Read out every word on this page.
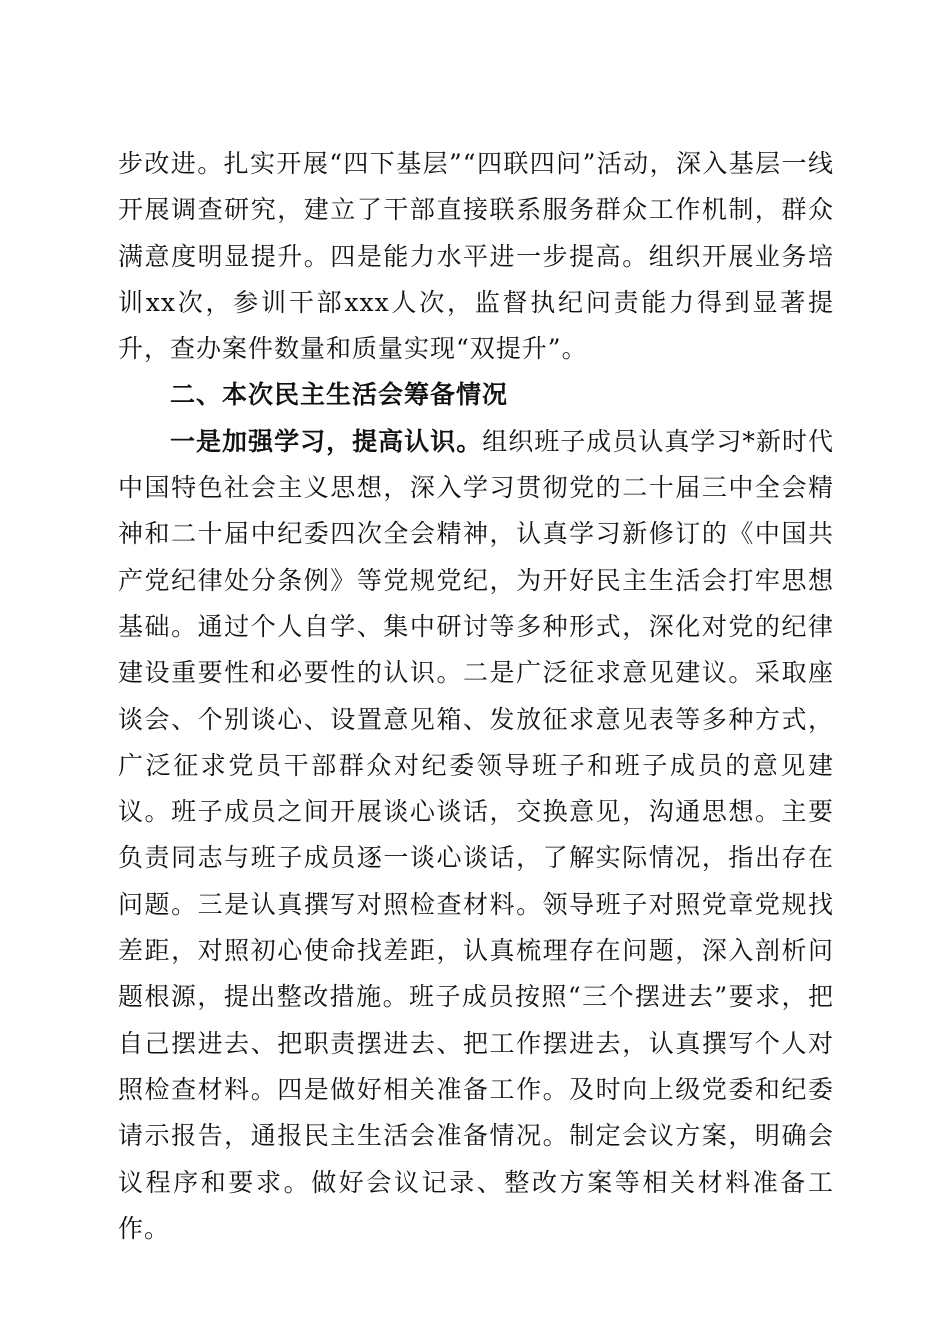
步改进。扎实开展“四下基层”“四联四问”活动，深入基层一线开展调查研究，建立了干部直接联系服务群众工作机制，群众满意度明显提升。四是能力水平进一步提高。组织开展业务培训xx次，参训干部xxx人次，监督执纪问责能力得到显著提升，查办案件数量和质量实现“双提升”。

二、本次民主生活会筹备情况

一是加强学习，提高认识。组织班子成员认真学习*新时代中国特色社会主义思想，深入学习贯彻党的二十届三中全会精神和二十届中纪委四次全会精神，认真学习新修订的《中国共产党纪律处分条例》等党规党纪，为开好民主生活会打牢思想基础。通过个人自学、集中研讨等多种形式，深化对党的纪律建设重要性和必要性的认识。二是广泛征求意见建议。采取座谈会、个别谈心、设置意见箱、发放征求意见表等多种方式，广泛征求党员干部群众对纪委领导班子和班子成员的意见建议。班子成员之间开展谈心谈话，交换意见，沟通思想。主要负责同志与班子成员逐一谈心谈话，了解实际情况，指出存在问题。三是认真撰写对照检查材料。领导班子对照党章党规找差距，对照初心使命找差距，认真梳理存在问题，深入剖析问题根源，提出整改措施。班子成员按照“三个摆进去”要求，把自己摆进去、把职责摆进去、把工作摆进去，认真撰写个人对照检查材料。四是做好相关准备工作。及时向上级党委和纪委请示报告，通报民主生活会准备情况。制定会议方案，明确会议程序和要求。做好会议记录、整改方案等相关材料准备工作。
